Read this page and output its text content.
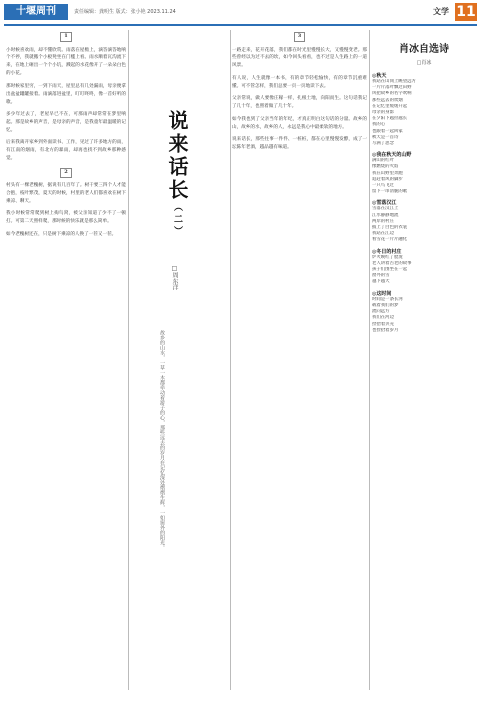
十堰周刊	责任编辑：龚明生 版式：张小艳 2023.11.24	文学 11
1

小时候喜欢雨，却不懂欣赏。雨落在屋檐上，滴答滴答地响个不停，我就搬个小板凳坐在门槛上看。雨水顺着瓦沟流下来，在地上砸出一个个小坑，溅起的水花像开了一朵朵白色的小花。

那时候家里穷，一到下雨天，屋里总有几处漏雨，母亲便拿出盆盆罐罐接着。雨滴落进盆里，叮叮咚咚，像一首好听的歌。

多少年过去了，老屋早已不在，可那雨声却常常在梦里响起。那是故乡的声音，是母亲的声音，是我童年最温暖的记忆。

后来我离开家乡到外面读书、工作，见过了许多地方的雨，有江南的烟雨，有北方的暴雨，却再也找不到故乡那种感觉。

2

村头有一棵老槐树，据说有几百年了。树干要三四个人才能合抱，枝叶繁茂，夏天的时候，村里的老人们都喜欢在树下乘凉、聊天。

我小时候常常爬到树上掏鸟窝，被父亲知道了少不了一顿打。可第二天照样爬，那时候的快乐就是那么简单。

如今老槐树还在，只是树下乘凉的人换了一茬又一茬。

说来话长（二）
□周东洋
故乡的山水，一草一木都牵动着游子的心，那些远去的岁月在记忆深处熠熠生辉，一如窗外的阳光。
3

一路走来，花开花落，我们都在时光里慢慢长大，又慢慢变老。那些曾经以为过不去的坎，如今回头看看，也不过是人生路上的一道风景。

有人说，人生就像一本书，有的章节轻松愉快，有的章节沉重难懂。可不管怎样，我们总要一页一页地读下去。

父亲常说，做人要像庄稼一样，扎根土地，向阳而生。这句话我记了几十年，也照着做了几十年。

如今我也到了父亲当年的年纪，才真正明白这句话的分量。故乡的山，故乡的水，故乡的人，永远是我心中最柔软的地方。

说来话长，那些往事一件件、一桩桩，都在心里慢慢发酵，成了一坛陈年老酒，越品越有味道。

肖冰自选诗
□肖冰
◎秋天
我站在山岗上眺望远方
一片片落叶飘过田野
风把故乡的名字吹响
那些远去的炊烟
在记忆里缓缓升起
母亲的身影
在夕阳下越拉越长
我的心
也跟着一起回家
秋天是一首诗
写满了思念
◎我在秋天的山野
满山的红叶
像燃烧的火焰
我在山野里奔跑
追赶着风的脚步
一只鸟飞过
留下一串清脆的歌
◎雪落汉江
雪落在汉江上
江水静静地流
两岸的村庄
披上了白色的衣裳
我站在江边
看雪花一片片融化
◎冬日的村庄
炉火映红了脸庞
老人讲着古老的故事
孩子们围坐在一起
窗外的雪
越下越大
◎这时间
时间是一条长河
载着我们的梦
流向远方
我们在河边
捡拾着贝壳
也捡拾着岁月
